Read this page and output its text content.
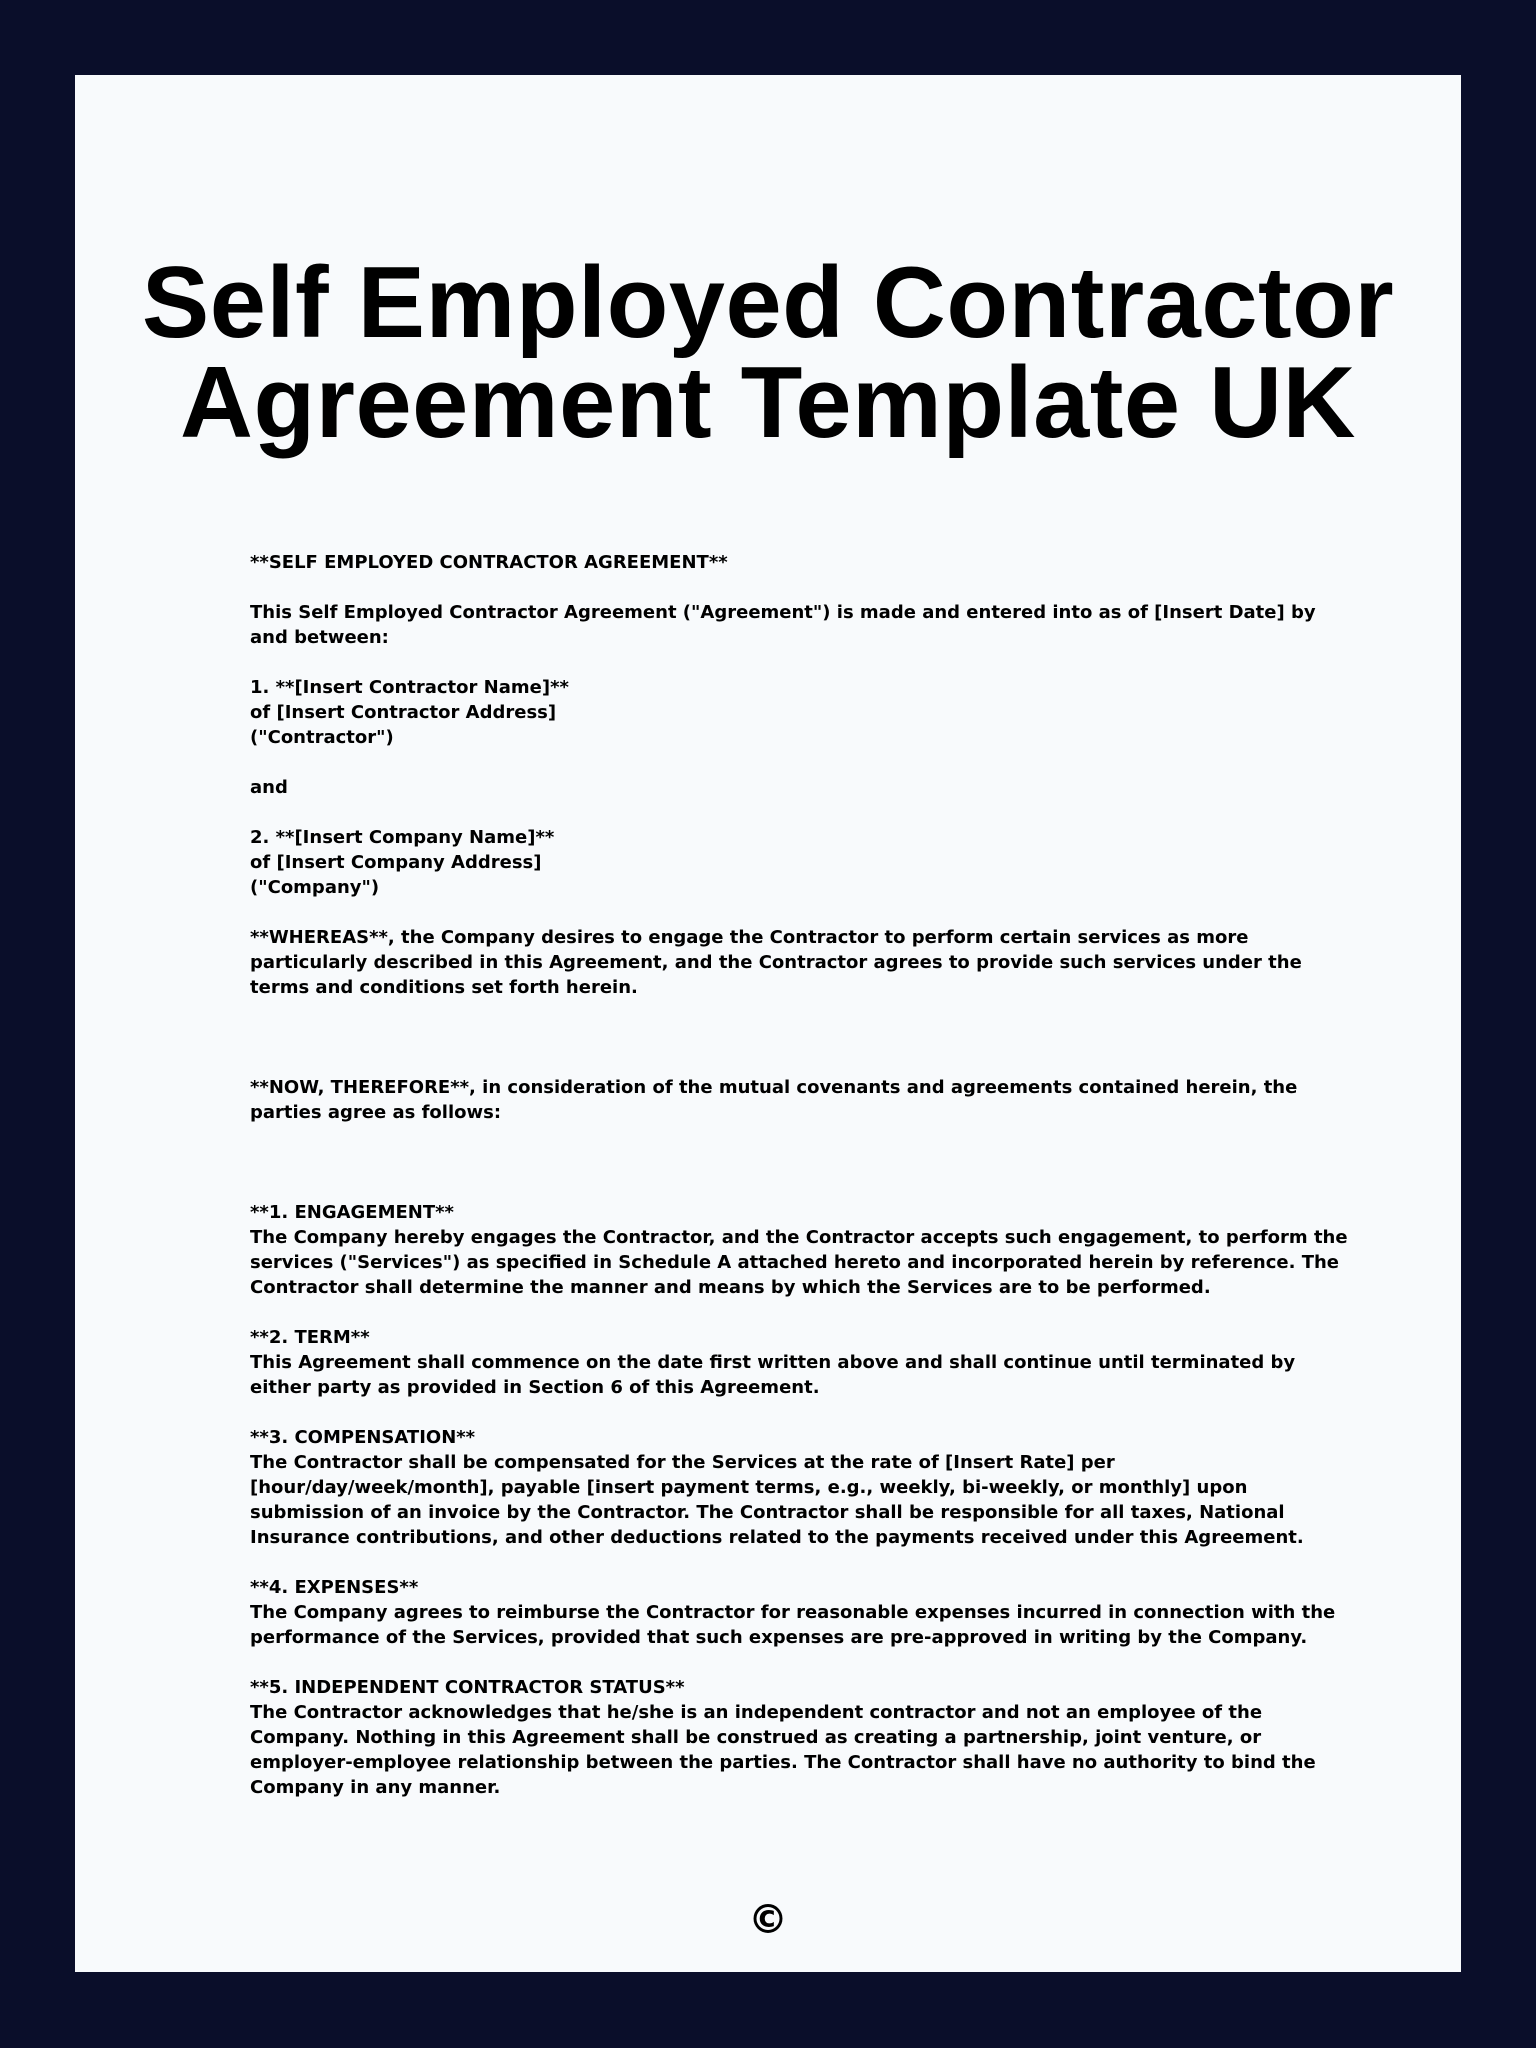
Self Employed Contractor
Agreement Template UK
**SELF EMPLOYED CONTRACTOR AGREEMENT**
This Self Employed Contractor Agreement ("Agreement") is made and entered into as of [Insert Date] by
and between:
1. **[Insert Contractor Name]**
of [Insert Contractor Address]
("Contractor")
and
2. **[Insert Company Name]**
of [Insert Company Address]
("Company")
**WHEREAS**, the Company desires to engage the Contractor to perform certain services as more
particularly described in this Agreement, and the Contractor agrees to provide such services under the
terms and conditions set forth herein.
**NOW, THEREFORE**, in consideration of the mutual covenants and agreements contained herein, the
parties agree as follows:
**1. ENGAGEMENT**
The Company hereby engages the Contractor, and the Contractor accepts such engagement, to perform the
services ("Services") as specified in Schedule A attached hereto and incorporated herein by reference. The
Contractor shall determine the manner and means by which the Services are to be performed.
**2. TERM**
This Agreement shall commence on the date first written above and shall continue until terminated by
either party as provided in Section 6 of this Agreement.
**3. COMPENSATION**
The Contractor shall be compensated for the Services at the rate of [Insert Rate] per
[hour/day/week/month], payable [insert payment terms, e.g., weekly, bi-weekly, or monthly] upon
submission of an invoice by the Contractor. The Contractor shall be responsible for all taxes, National
Insurance contributions, and other deductions related to the payments received under this Agreement.
**4. EXPENSES**
The Company agrees to reimburse the Contractor for reasonable expenses incurred in connection with the
performance of the Services, provided that such expenses are pre-approved in writing by the Company.
**5. INDEPENDENT CONTRACTOR STATUS**
The Contractor acknowledges that he/she is an independent contractor and not an employee of the
Company. Nothing in this Agreement shall be construed as creating a partnership, joint venture, or
employer-employee relationship between the parties. The Contractor shall have no authority to bind the
Company in any manner.
©
